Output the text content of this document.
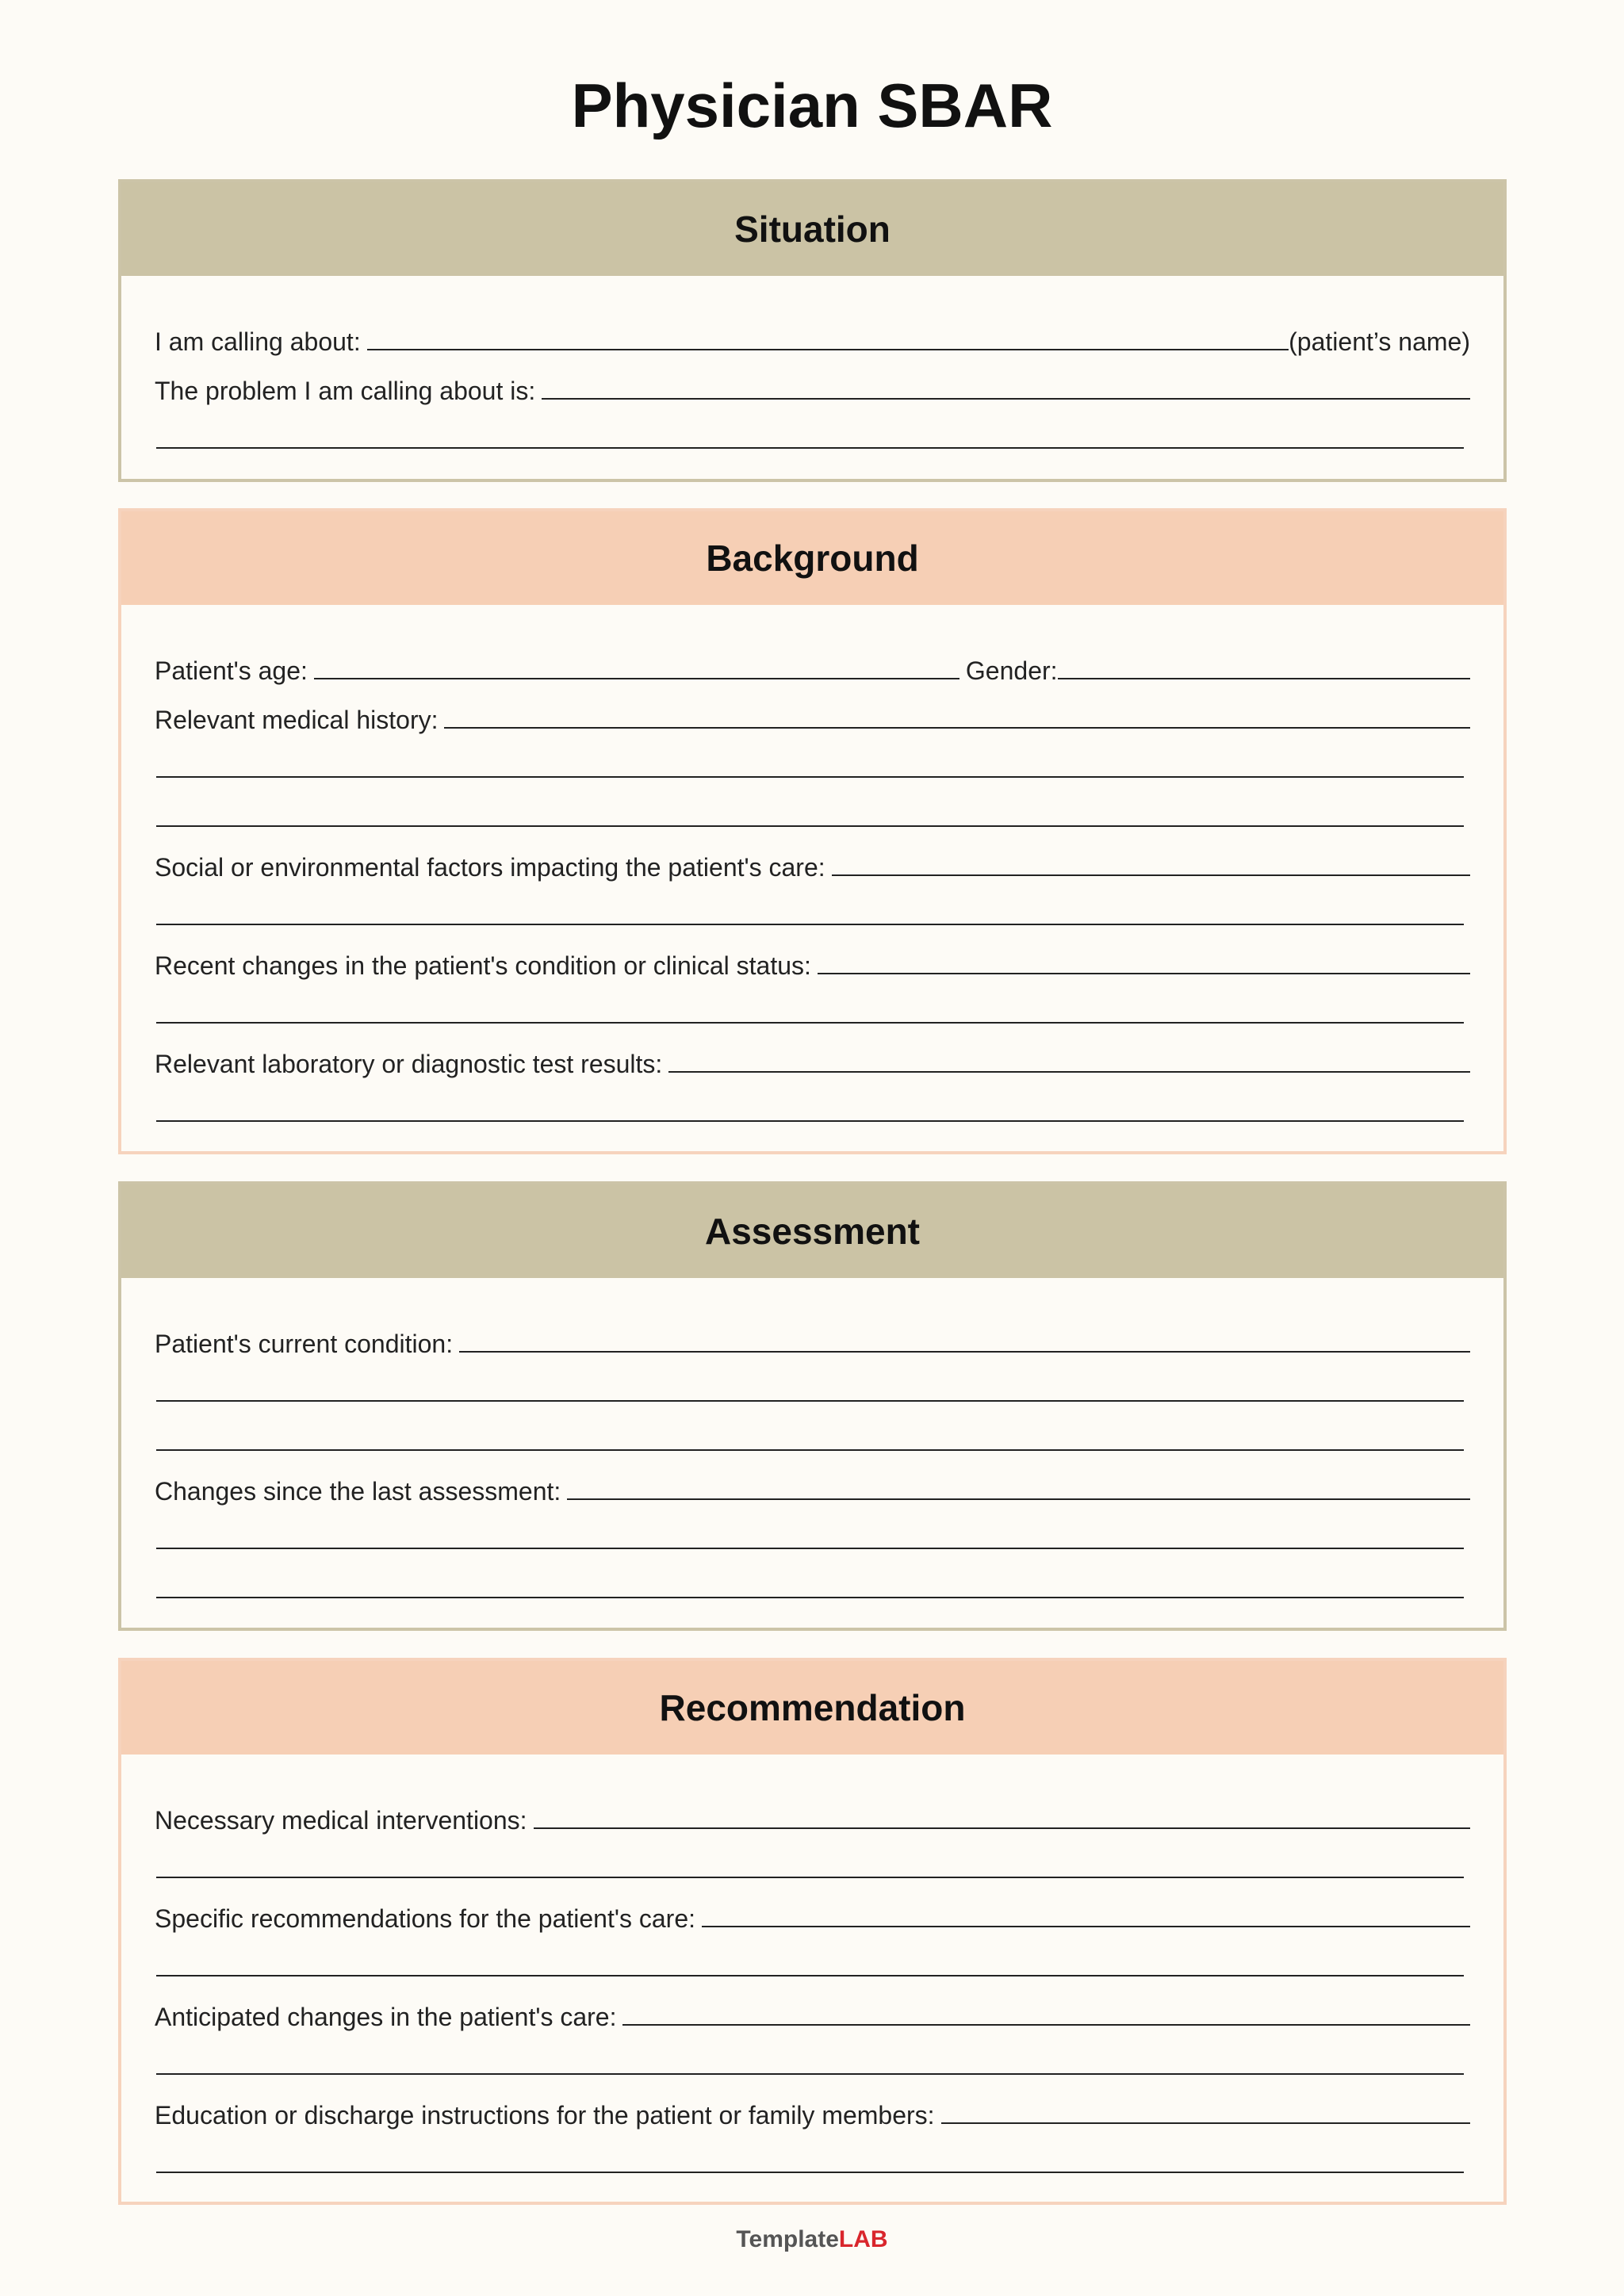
Physician SBAR
Situation
I am calling about:	(patient’s name)
The problem I am calling about is:
Background
Patient's age:	Gender:
Relevant medical history:
Social or environmental factors impacting the patient's care:
Recent changes in the patient's condition or clinical status:
Relevant laboratory or diagnostic test results:
Assessment
Patient's current condition:
Changes since the last assessment:
Recommendation
Necessary medical interventions:
Specific recommendations for the patient's care:
Anticipated changes in the patient's care:
Education or discharge instructions for the patient or family members:
TemplateLAB
